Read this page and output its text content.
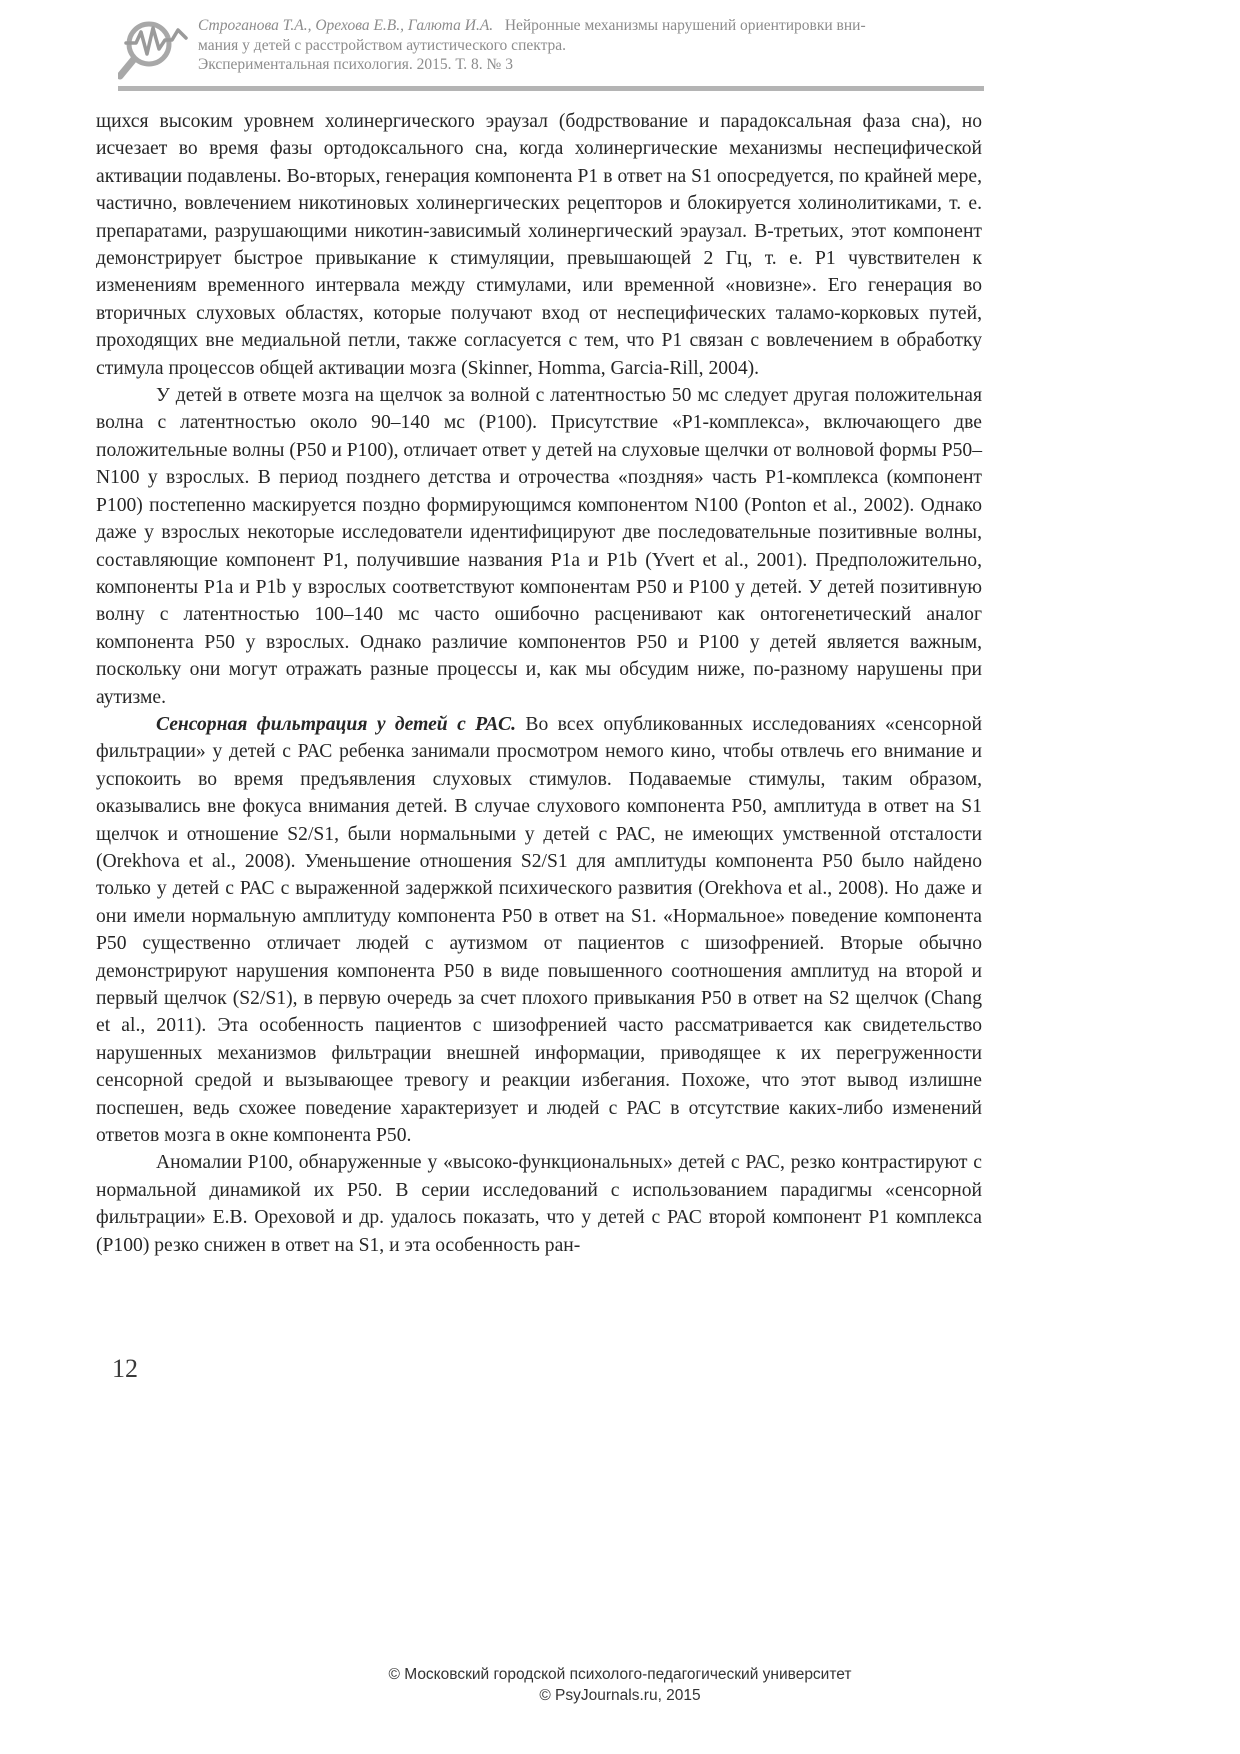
Строганова Т.А., Орехова Е.В., Галюта И.А. Нейронные механизмы нарушений ориентировки вни-
мания у детей с расстройством аутистического спектра.
Экспериментальная психология. 2015. Т. 8. № 3

щихся высоким уровнем холинергического эраузал (бодрствование и парадоксальная фаза сна), но исчезает во время фазы ортодоксального сна, когда холинергические механизмы неспецифической активации подавлены. Во-вторых, генерация компонента P1 в ответ на S1 опосредуется, по крайней мере, частично, вовлечением никотиновых холинергических рецепторов и блокируется холинолитиками, т. е. препаратами, разрушающими никотин-зависимый холинергический эраузал. В-третьих, этот компонент демонстрирует быстрое привыкание к стимуляции, превышающей 2 Гц, т. е. P1 чувствителен к изменениям временного интервала между стимулами, или временной «новизне». Его генерация во вторичных слуховых областях, которые получают вход от неспецифических таламо-корковых путей, проходящих вне медиальной петли, также согласуется с тем, что P1 связан с вовлечением в обработку стимула процессов общей активации мозга (Skinner, Homma, Garcia-Rill, 2004).

У детей в ответе мозга на щелчок за волной с латентностью 50 мс следует другая положительная волна с латентностью около 90–140 мс (P100). Присутствие «P1-комплекса», включающего две положительные волны (P50 и P100), отличает ответ у детей на слуховые щелчки от волновой формы P50–N100 у взрослых. В период позднего детства и отрочества «поздняя» часть P1-комплекса (компонент P100) постепенно маскируется поздно формирующимся компонентом N100 (Ponton et al., 2002). Однако даже у взрослых некоторые исследователи идентифицируют две последовательные позитивные волны, составляющие компонент P1, получившие названия P1a и P1b (Yvert et al., 2001). Предположительно, компоненты P1a и P1b у взрослых соответствуют компонентам P50 и P100 у детей. У детей позитивную волну с латентностью 100–140 мс часто ошибочно расценивают как онтогенетический аналог компонента P50 у взрослых. Однако различие компонентов P50 и P100 у детей является важным, поскольку они могут отражать разные процессы и, как мы обсудим ниже, по-разному нарушены при аутизме.

Сенсорная фильтрация у детей с РАС. Во всех опубликованных исследованиях «сенсорной фильтрации» у детей с РАС ребенка занимали просмотром немого кино, чтобы отвлечь его внимание и успокоить во время предъявления слуховых стимулов. Подаваемые стимулы, таким образом, оказывались вне фокуса внимания детей. В случае слухового компонента P50, амплитуда в ответ на S1 щелчок и отношение S2/S1, были нормальными у детей с РАС, не имеющих умственной отсталости (Orekhova et al., 2008). Уменьшение отношения S2/S1 для амплитуды компонента P50 было найдено только у детей с РАС с выраженной задержкой психического развития (Orekhova et al., 2008). Но даже и они имели нормальную амплитуду компонента P50 в ответ на S1. «Нормальное» поведение компонента P50 существенно отличает людей с аутизмом от пациентов с шизофренией. Вторые обычно демонстрируют нарушения компонента P50 в виде повышенного соотношения амплитуд на второй и первый щелчок (S2/S1), в первую очередь за счет плохого привыкания P50 в ответ на S2 щелчок (Chang et al., 2011). Эта особенность пациентов с шизофренией часто рассматривается как свидетельство нарушенных механизмов фильтрации внешней информации, приводящее к их перегруженности сенсорной средой и вызывающее тревогу и реакции избегания. Похоже, что этот вывод излишне поспешен, ведь схожее поведение характеризует и людей с РАС в отсутствие каких-либо изменений ответов мозга в окне компонента P50.

Аномалии P100, обнаруженные у «высоко-функциональных» детей с РАС, резко контрастируют с нормальной динамикой их P50. В серии исследований с использованием парадигмы «сенсорной фильтрации» Е.В. Ореховой и др. удалось показать, что у детей с РАС второй компонент P1 комплекса (P100) резко снижен в ответ на S1, и эта особенность ран-

12
© Московский городской психолого-педагогический университет
© PsyJournals.ru, 2015
